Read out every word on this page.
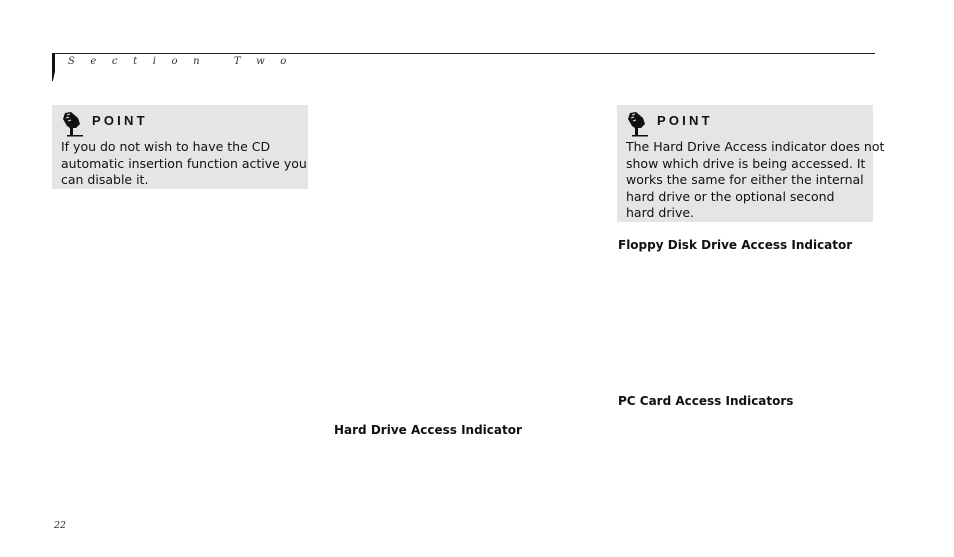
S e c t i o n   T w o
POINT
If you do not wish to have the CD
automatic insertion function active you
can disable it.
POINT
The Hard Drive Access indicator does not
show which drive is being accessed. It
works the same for either the internal
hard drive or the optional second
hard drive.
Floppy Disk Drive Access Indicator
PC Card Access Indicators
Hard Drive Access Indicator
22
